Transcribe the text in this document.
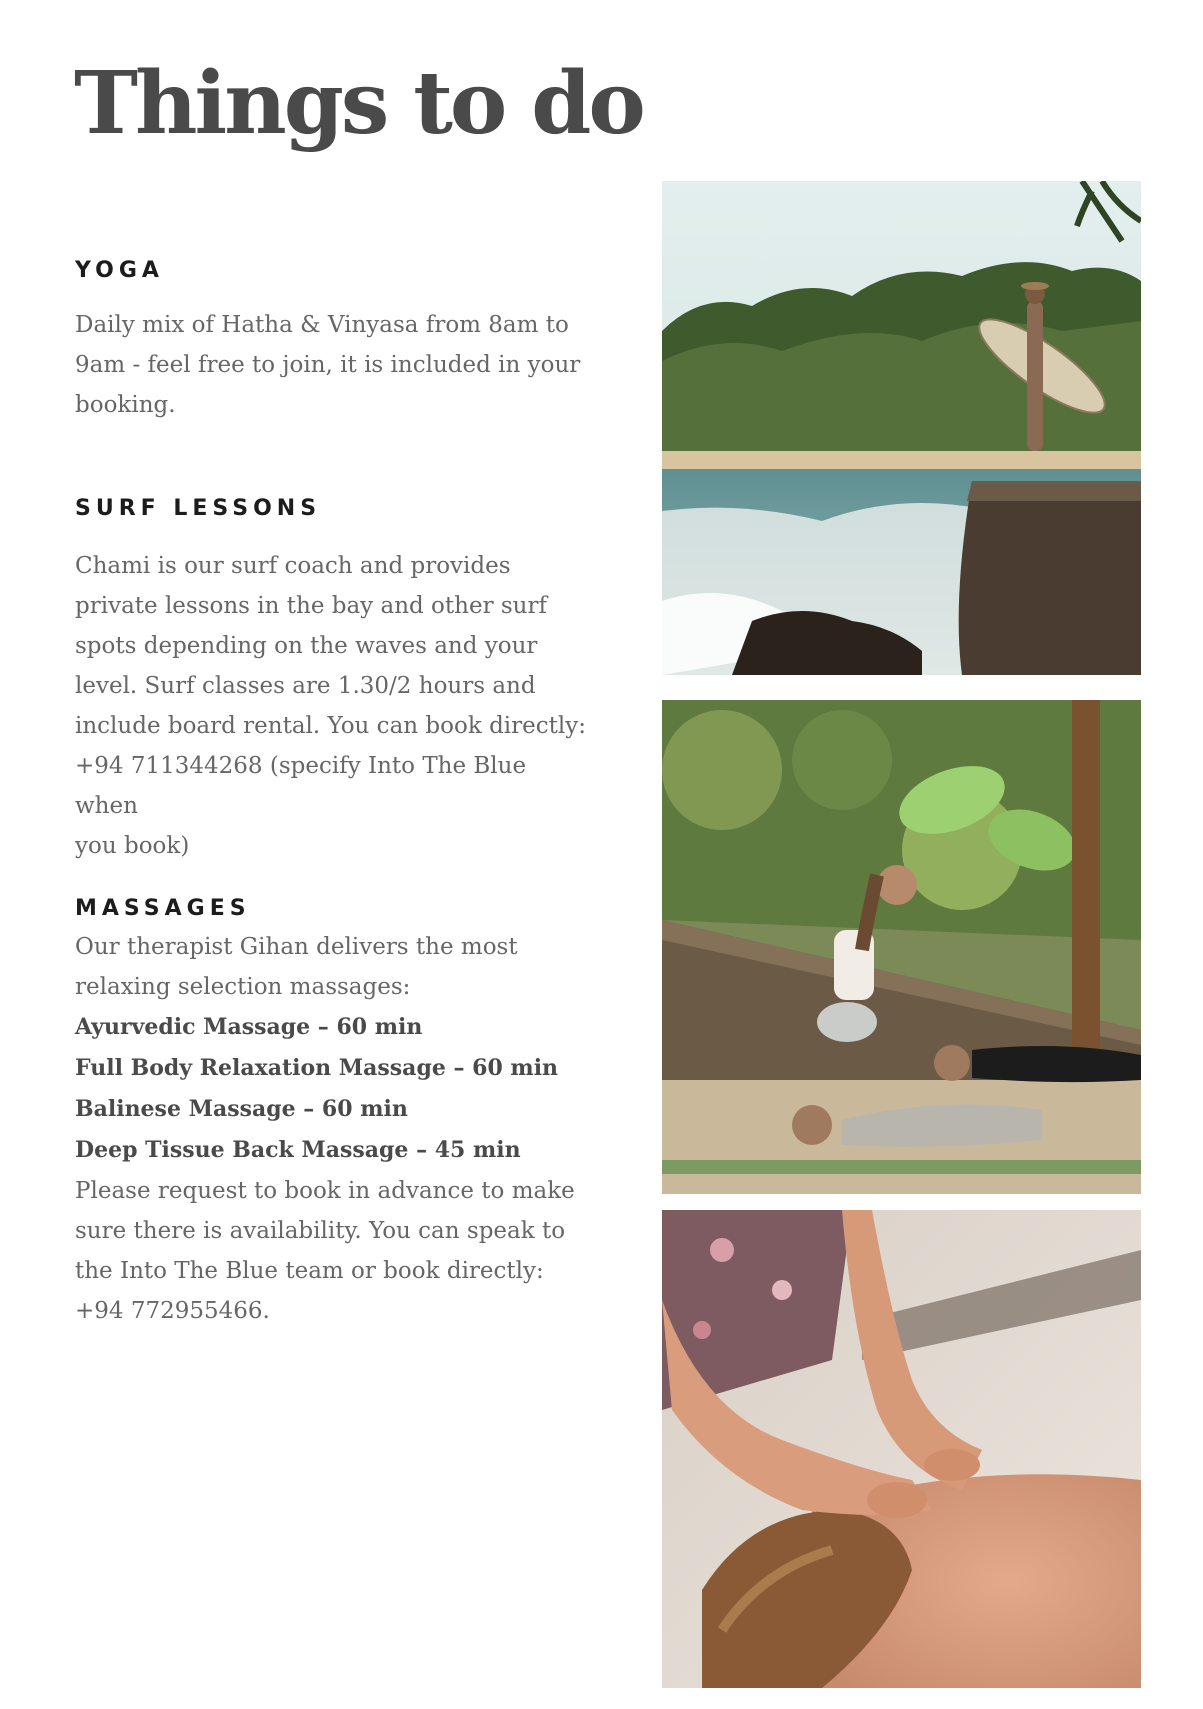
Things to do
YOGA

Daily mix of Hatha & Vinyasa from 8am to
9am - feel free to join, it is included in your
booking.

SURF LESSONS

Chami is our surf coach and provides
private lessons in the bay and other surf
spots depending on the waves and your
level. Surf classes are 1.30/2 hours and
include board rental. You can book directly:
+94 711344268 (specify Into The Blue when
you book)

MASSAGES

Our therapist Gihan delivers the most
relaxing selection massages:

Ayurvedic Massage – 60 min
Full Body Relaxation Massage – 60 min
Balinese Massage – 60 min
Deep Tissue Back Massage – 45 min

Please request to book in advance to make
sure there is availability. You can speak to
the Into The Blue team or book directly:
+94 772955466.
